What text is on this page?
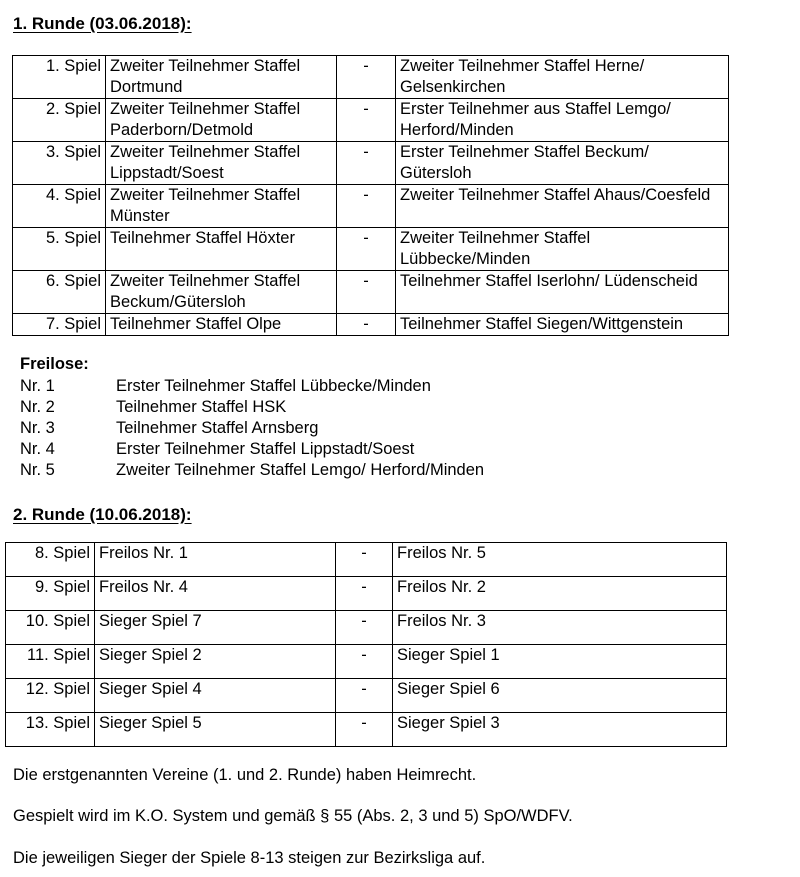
1. Runde (03.06.2018):
1. Spiel	Zweiter Teilnehmer Staffel Dortmund	-	Zweiter Teilnehmer Staffel Herne/ Gelsenkirchen
2. Spiel	Zweiter Teilnehmer Staffel Paderborn/Detmold	-	Erster Teilnehmer aus Staffel Lemgo/ Herford/Minden
3. Spiel	Zweiter Teilnehmer Staffel Lippstadt/Soest	-	Erster Teilnehmer Staffel Beckum/ Gütersloh
4. Spiel	Zweiter Teilnehmer Staffel Münster	-	Zweiter Teilnehmer Staffel Ahaus/Coesfeld
5. Spiel	Teilnehmer Staffel Höxter	-	Zweiter Teilnehmer Staffel Lübbecke/Minden
6. Spiel	Zweiter Teilnehmer Staffel Beckum/Gütersloh	-	Teilnehmer Staffel Iserlohn/ Lüdenscheid
7. Spiel	Teilnehmer Staffel Olpe	-	Teilnehmer Staffel Siegen/Wittgenstein
Freilose:
Nr. 1	Erster Teilnehmer Staffel Lübbecke/Minden
Nr. 2	Teilnehmer Staffel HSK
Nr. 3	Teilnehmer Staffel Arnsberg
Nr. 4	Erster Teilnehmer Staffel Lippstadt/Soest
Nr. 5	Zweiter Teilnehmer Staffel Lemgo/ Herford/Minden
2. Runde (10.06.2018):
8. Spiel	Freilos Nr. 1	-	Freilos Nr. 5
9. Spiel	Freilos Nr. 4	-	Freilos Nr. 2
10. Spiel	Sieger Spiel 7	-	Freilos Nr. 3
11. Spiel	Sieger Spiel 2	-	Sieger Spiel 1
12. Spiel	Sieger Spiel 4	-	Sieger Spiel 6
13. Spiel	Sieger Spiel 5	-	Sieger Spiel 3
Die erstgenannten Vereine (1. und 2. Runde) haben Heimrecht.
Gespielt wird im K.O. System und gemäß § 55 (Abs. 2, 3 und 5) SpO/WDFV.
Die jeweiligen Sieger der Spiele 8-13 steigen zur Bezirksliga auf.
